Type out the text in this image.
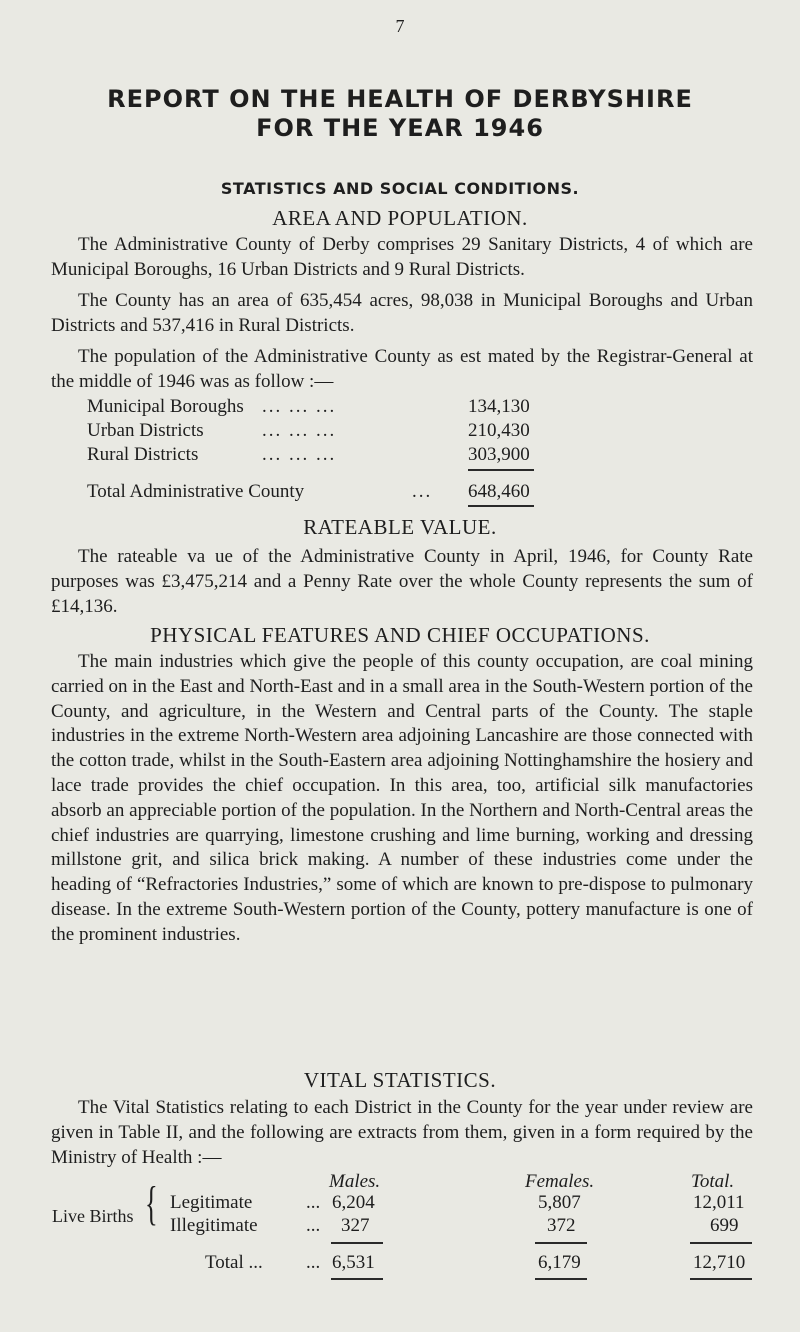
7
REPORT ON THE HEALTH OF DERBYSHIRE
FOR THE YEAR 1946
STATISTICS AND SOCIAL CONDITIONS.
AREA AND POPULATION.

The Administrative County of Derby comprises 29 Sanitary Districts, 4 of which are Municipal Boroughs, 16 Urban Districts and 9 Rural Districts.

The County has an area of 635,454 acres, 98,038 in Municipal Boroughs and Urban Districts and 537,416 in Rural Districts.

The population of the Administrative County as est mated by the Registrar-General at the middle of 1946 was as follow :—

Municipal Boroughs ... ... ...	134,130
Urban Districts	... ... ...	210,430
Rural Districts	... ... ...	303,900
Total Administrative County	... 648,460
RATEABLE VALUE.

The rateable va ue of the Administrative County in April, 1946, for County Rate purposes was £3,475,214 and a Penny Rate over the whole County represents the sum of £14,136.

PHYSICAL FEATURES AND CHIEF OCCUPATIONS.

The main industries which give the people of this county occupation, are coal mining carried on in the East and North-East and in a small area in the South-Western portion of the County, and agriculture, in the Western and Central parts of the County. The staple industries in the extreme North-Western area adjoining Lancashire are those connected with the cotton trade, whilst in the South-Eastern area adjoining Nottinghamshire the hosiery and lace trade provides the chief occupation. In this area, too, artificial silk manufactories absorb an appreciable portion of the population. In the Northern and North-Central areas the chief industries are quarrying, limestone crushing and lime burning, working and dressing millstone grit, and silica brick making. A number of these industries come under the heading of “Refractories Industries,” some of which are known to pre-dispose to pulmonary disease. In the extreme South-Western portion of the County, pottery manufacture is one of the prominent industries.

VITAL STATISTICS.

The Vital Statistics relating to each District in the County for the year under review are given in Table II, and the following are extracts from them, given in a form required by the Ministry of Health :—

Males.	Females.	Total.
Live Births { Legitimate	... 6,204	5,807	12,011
Illegitimate	... 327	372	699
Total ... ... 6,531	6,179	12,710
